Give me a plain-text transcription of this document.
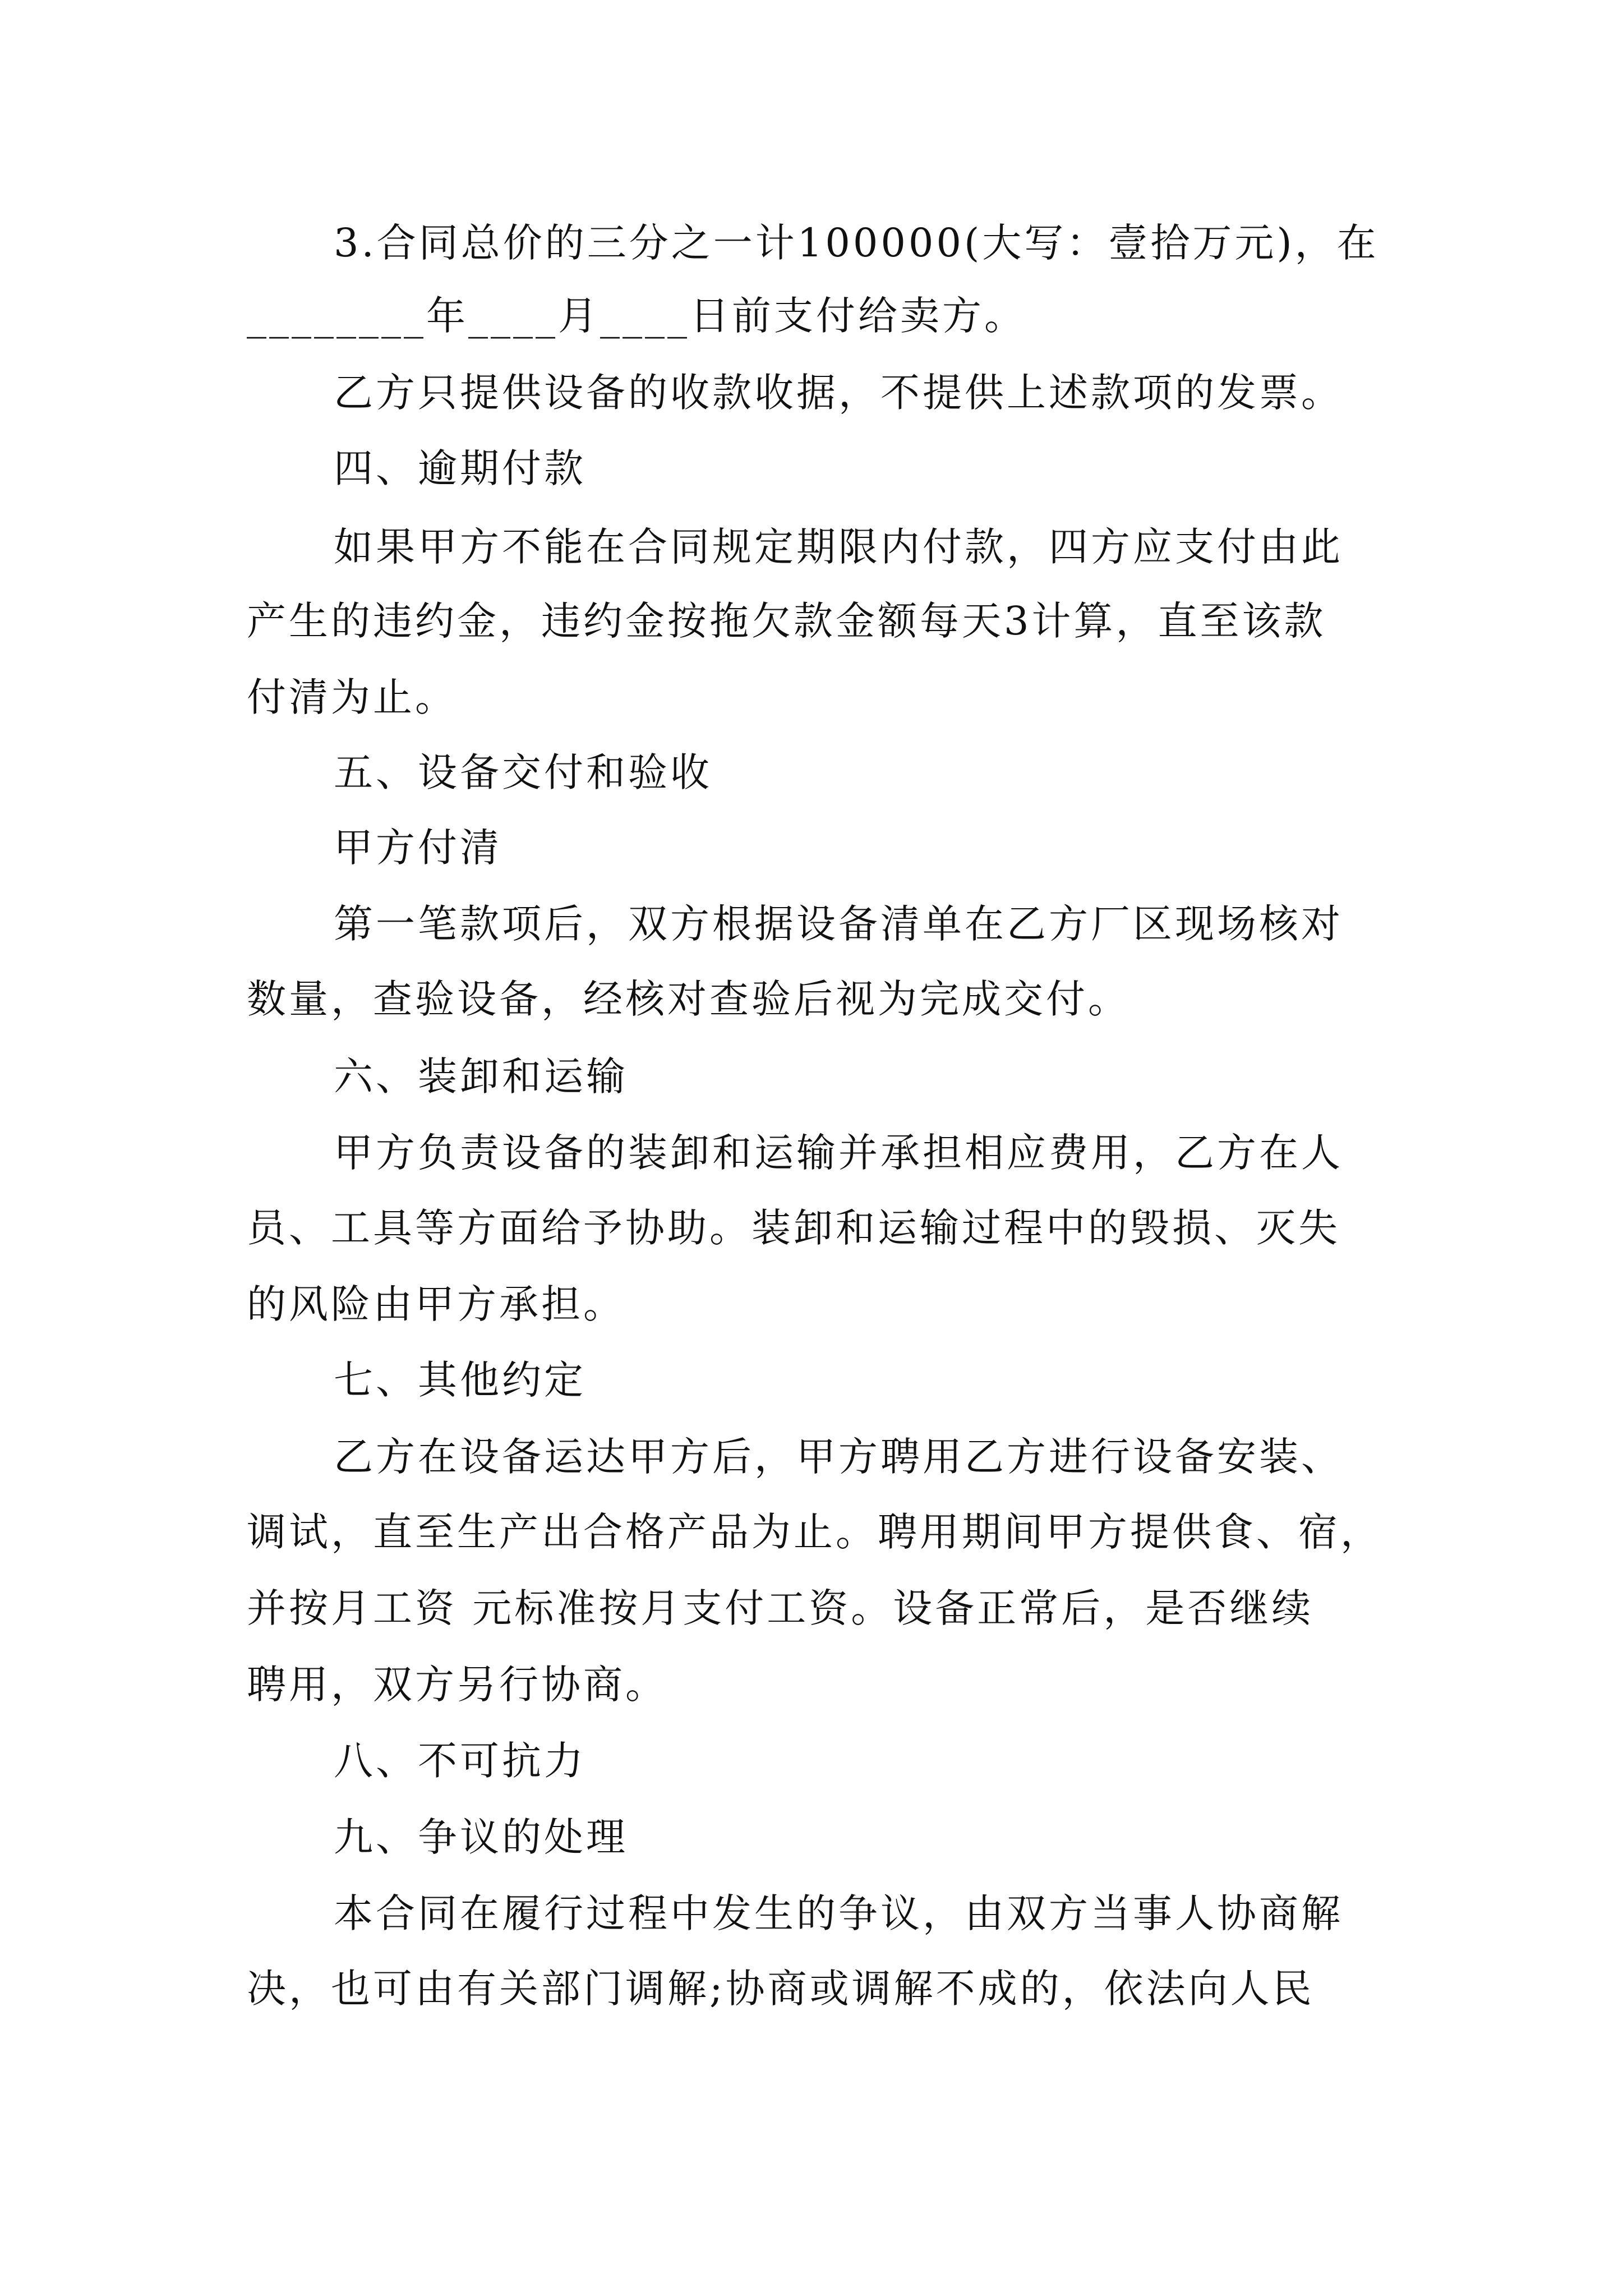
3.合同总价的三分之一计100000(大写：壹拾万元)，在
________年____月____日前支付给卖方。
乙方只提供设备的收款收据，不提供上述款项的发票。
四、逾期付款
如果甲方不能在合同规定期限内付款，四方应支付由此
产生的违约金，违约金按拖欠款金额每天3计算，直至该款
付清为止。
五、设备交付和验收
甲方付清
第一笔款项后，双方根据设备清单在乙方厂区现场核对
数量，查验设备，经核对查验后视为完成交付。
六、装卸和运输
甲方负责设备的装卸和运输并承担相应费用，乙方在人
员、工具等方面给予协助。装卸和运输过程中的毁损、灭失
的风险由甲方承担。
七、其他约定
乙方在设备运达甲方后，甲方聘用乙方进行设备安装、
调试，直至生产出合格产品为止。聘用期间甲方提供食、宿，
并按月工资 元标准按月支付工资。设备正常后，是否继续
聘用，双方另行协商。
八、不可抗力
九、争议的处理
本合同在履行过程中发生的争议，由双方当事人协商解
决，也可由有关部门调解;协商或调解不成的，依法向人民
